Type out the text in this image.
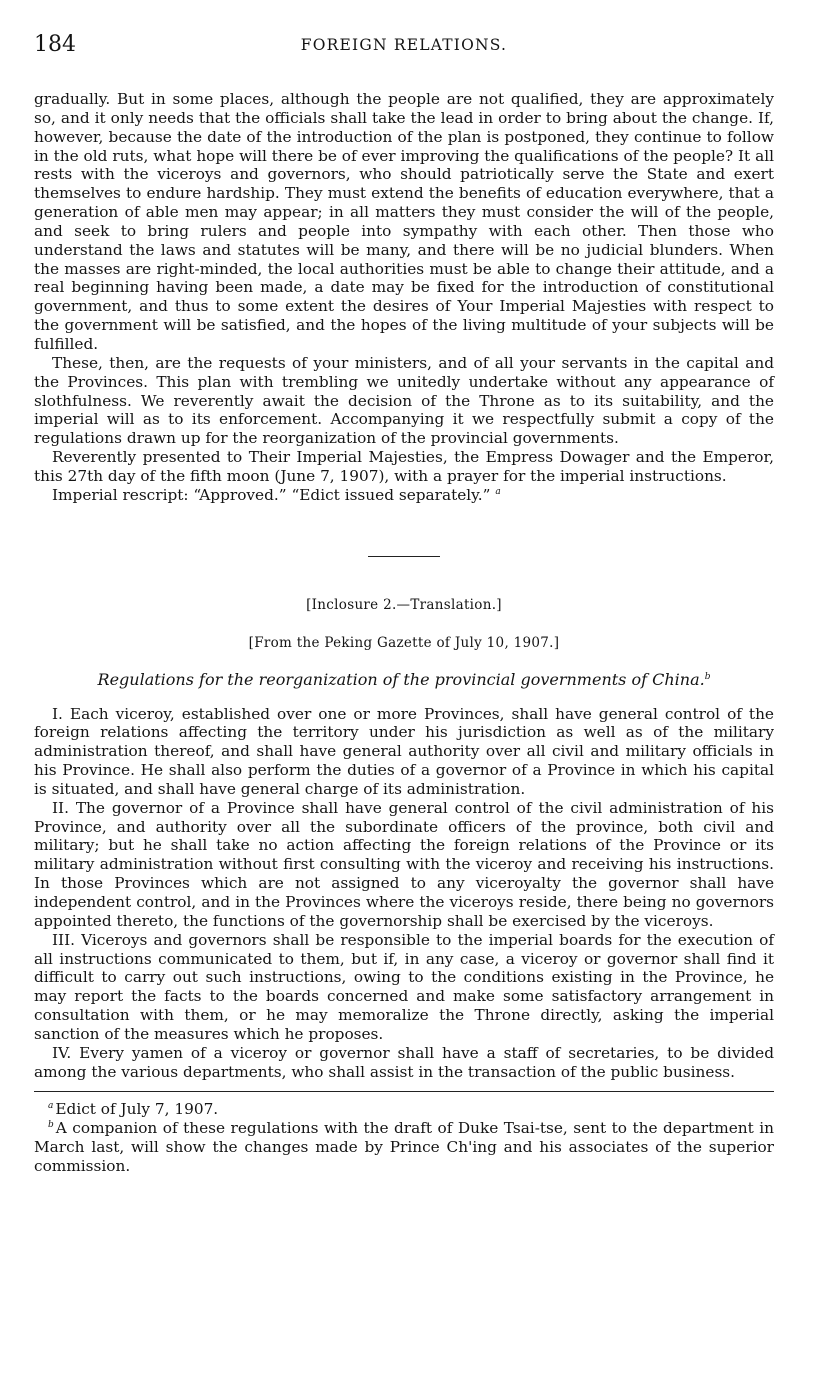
184	FOREIGN RELATIONS.

gradually. But in some places, although the people are not qualified, they are approximately so, and it only needs that the officials shall take the lead in order to bring about the change. If, however, because the date of the introduction of the plan is postponed, they continue to follow in the old ruts, what hope will there be of ever improving the qualifications of the people? It all rests with the viceroys and governors, who should patriotically serve the State and exert themselves to endure hardship. They must extend the benefits of education everywhere, that a generation of able men may appear; in all matters they must consider the will of the people, and seek to bring rulers and people into sympathy with each other. Then those who understand the laws and statutes will be many, and there will be no judicial blunders. When the masses are right-minded, the local authorities must be able to change their attitude, and a real beginning having been made, a date may be fixed for the introduction of constitutional government, and thus to some extent the desires of Your Imperial Majesties with respect to the government will be satisfied, and the hopes of the living multitude of your subjects will be fulfilled.

These, then, are the requests of your ministers, and of all your servants in the capital and the Provinces. This plan with trembling we unitedly undertake without any appearance of slothfulness. We reverently await the decision of the Throne as to its suitability, and the imperial will as to its enforcement. Accompanying it we respectfully submit a copy of the regulations drawn up for the reorganization of the provincial governments.

Reverently presented to Their Imperial Majesties, the Empress Dowager and the Emperor, this 27th day of the fifth moon (June 7, 1907), with a prayer for the imperial instructions.

Imperial rescript: “Approved.” “Edict issued separately.” $^a$

[Inclosure 2.—Translation.]
[From the Peking Gazette of July 10, 1907.]
Regulations for the reorganization of the provincial governments of China.$^b$

I. Each viceroy, established over one or more Provinces, shall have general control of the foreign relations affecting the territory under his jurisdiction as well as of the military administration thereof, and shall have general authority over all civil and military officials in his Province. He shall also perform the duties of a governor of a Province in which his capital is situated, and shall have general charge of its administration.

II. The governor of a Province shall have general control of the civil administration of his Province, and authority over all the subordinate officers of the province, both civil and military; but he shall take no action affecting the foreign relations of the Province or its military administration without first consulting with the viceroy and receiving his instructions. In those Provinces which are not assigned to any viceroyalty the governor shall have independent control, and in the Provinces where the viceroys reside, there being no governors appointed thereto, the functions of the governorship shall be exercised by the viceroys.

III. Viceroys and governors shall be responsible to the imperial boards for the execution of all instructions communicated to them, but if, in any case, a viceroy or governor shall find it difficult to carry out such instructions, owing to the conditions existing in the Province, he may report the facts to the boards concerned and make some satisfactory arrangement in consultation with them, or he may memoralize the Throne directly, asking the imperial sanction of the measures which he proposes.

IV. Every yamen of a viceroy or governor shall have a staff of secretaries, to be divided among the various departments, who shall assist in the transaction of the public business.

$^a$ Edict of July 7, 1907.

$^b$ A companion of these regulations with the draft of Duke Tsai-tse, sent to the department in March last, will show the changes made by Prince Ch'ing and his associates of the superior commission.
